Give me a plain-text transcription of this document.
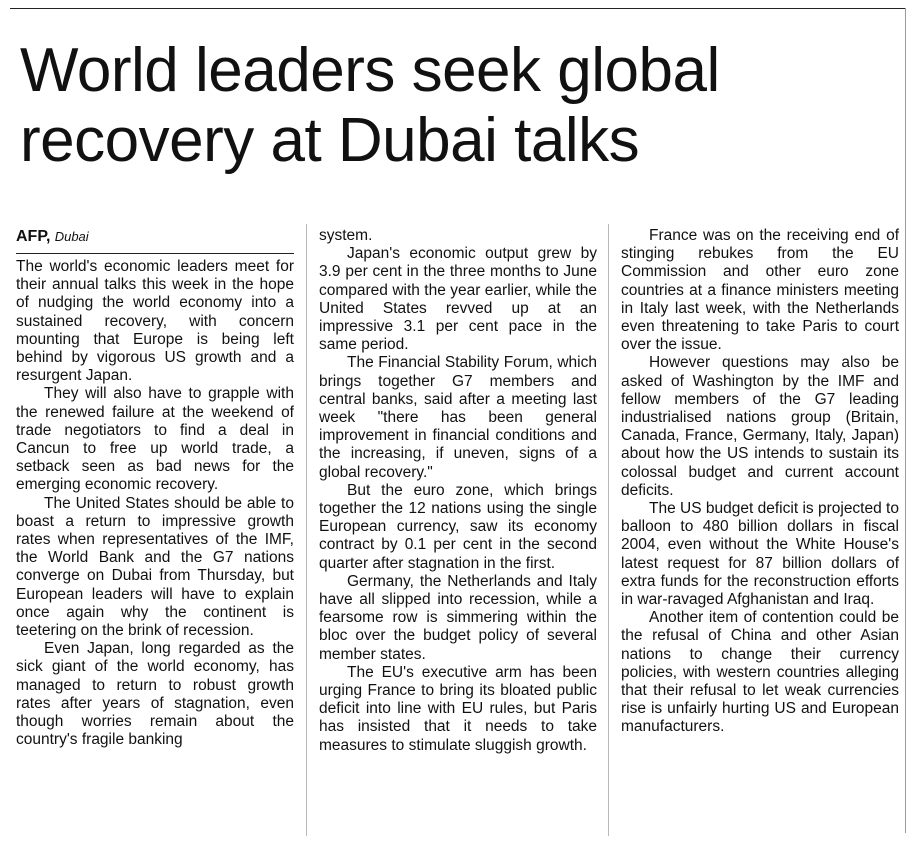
World leaders seek global recovery at Dubai talks
AFP, Dubai

The world's economic leaders meet for their annual talks this week in the hope of nudging the world economy into a sustained recovery, with concern mounting that Europe is being left behind by vigorous US growth and a resurgent Japan.

They will also have to grapple with the renewed failure at the weekend of trade negotiators to find a deal in Cancun to free up world trade, a setback seen as bad news for the emerging economic recovery.

The United States should be able to boast a return to impressive growth rates when representatives of the IMF, the World Bank and the G7 nations converge on Dubai from Thursday, but European leaders will have to explain once again why the continent is teetering on the brink of recession.

Even Japan, long regarded as the sick giant of the world economy, has managed to return to robust growth rates after years of stagnation, even though worries remain about the country's fragile banking

system.

Japan's economic output grew by 3.9 per cent in the three months to June compared with the year earlier, while the United States revved up at an impressive 3.1 per cent pace in the same period.

The Financial Stability Forum, which brings together G7 members and central banks, said after a meeting last week "there has been general improvement in financial conditions and the increasing, if uneven, signs of a global recovery."

But the euro zone, which brings together the 12 nations using the single European currency, saw its economy contract by 0.1 per cent in the second quarter after stagnation in the first.

Germany, the Netherlands and Italy have all slipped into recession, while a fearsome row is simmering within the bloc over the budget policy of several member states.

The EU's executive arm has been urging France to bring its bloated public deficit into line with EU rules, but Paris has insisted that it needs to take measures to stimulate sluggish growth.

France was on the receiving end of stinging rebukes from the EU Commission and other euro zone countries at a finance ministers meeting in Italy last week, with the Netherlands even threatening to take Paris to court over the issue.

However questions may also be asked of Washington by the IMF and fellow members of the G7 leading industrialised nations group (Britain, Canada, France, Germany, Italy, Japan) about how the US intends to sustain its colossal budget and current account deficits.

The US budget deficit is projected to balloon to 480 billion dollars in fiscal 2004, even without the White House's latest request for 87 billion dollars of extra funds for the reconstruction efforts in war-ravaged Afghanistan and Iraq.

Another item of contention could be the refusal of China and other Asian nations to change their currency policies, with western countries alleging that their refusal to let weak currencies rise is unfairly hurting US and European manufacturers.
